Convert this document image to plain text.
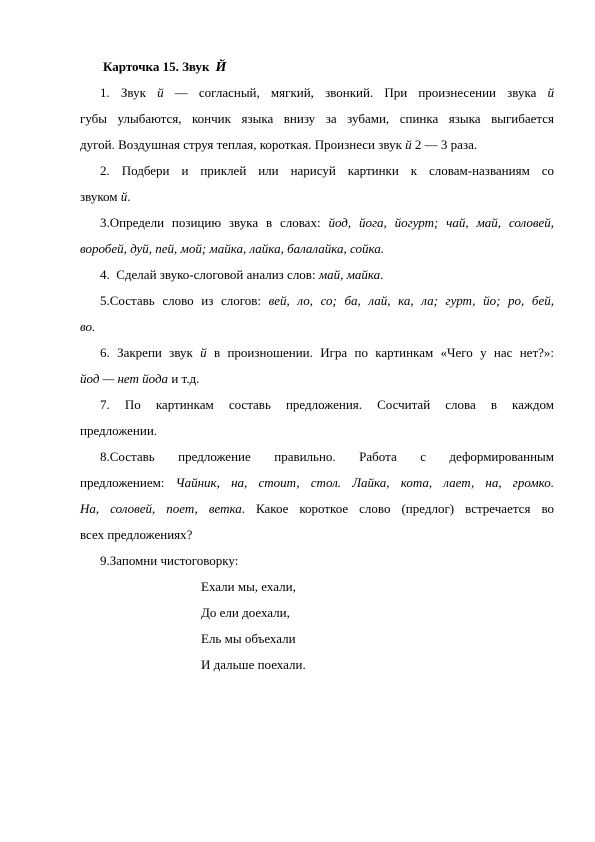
Карточка 15. Звук Й
1. Звук й — согласный, мягкий, звонкий. При произнесении звука й
губы улыбаются, кончик языка внизу за зубами, спинка языка выгибается
дугой. Воздушная струя теплая, короткая. Произнеси звук й 2 — 3 раза.
2. Подбери и приклей или нарисуй картинки к словам-названиям со
звуком й.
3.Определи позицию звука в словах: йод, йога, йогурт; чай, май, соловей,
воробей, дуй, пей, мой; майка, лайка, балалайка, сойка.
4. Сделай звуко-слоговой анализ слов: май, майка.
5.Составь слово из слогов: вей, ло, со; ба, лай, ка, ла; гурт, йо; ро, бей,
во.
6. Закрепи звук й в произношении. Игра по картинкам «Чего у нас нет?»:
йод — нет йода и т.д.
7. По картинкам составь предложения. Сосчитай слова в каждом
предложении.
8.Составь предложение правильно. Работа с деформированным
предложением: Чайник, на, стоит, стол. Лайка, кота, лает, на, громко.
На, соловей, поет, ветка. Какое короткое слово (предлог) встречается во
всех предложениях?
9.Запомни чистоговорку:
Ехали мы, ехали,
До ели доехали,
Ель мы объехали
И дальше поехали.
